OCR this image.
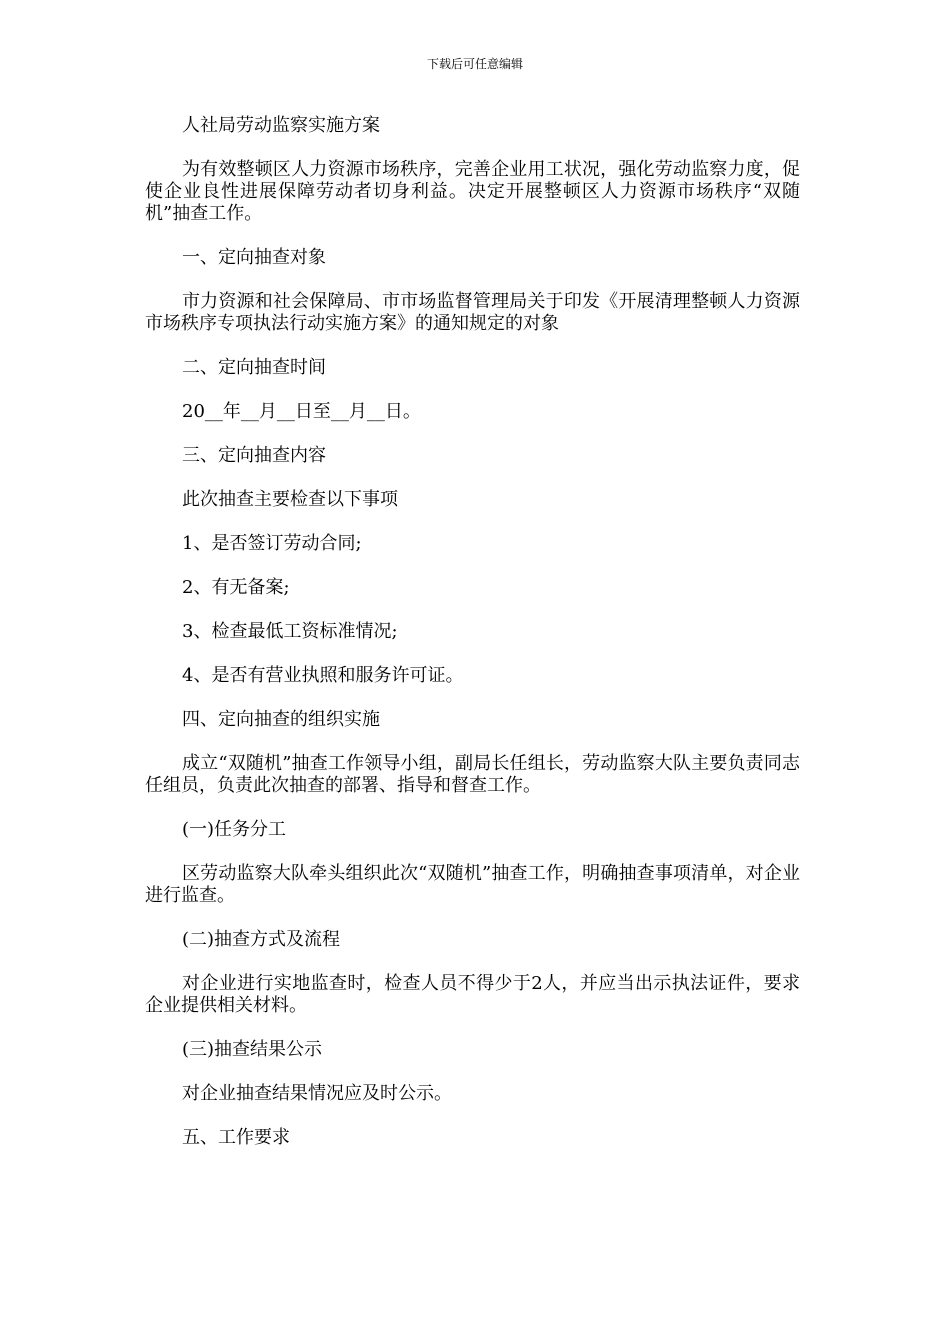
下载后可任意编辑

人社局劳动监察实施方案

为有效整顿区人力资源市场秩序，完善企业用工状况，强化劳动监察力度，促使企业良性进展保障劳动者切身利益。决定开展整顿区人力资源市场秩序“双随机”抽查工作。

一、定向抽查对象

市力资源和社会保障局、市市场监督管理局关于印发《开展清理整顿人力资源市场秩序专项执法行动实施方案》的通知规定的对象

二、定向抽查时间

20__年__月__日至__月__日。

三、定向抽查内容

此次抽查主要检查以下事项

1、是否签订劳动合同;

2、有无备案;

3、检查最低工资标准情况;

4、是否有营业执照和服务许可证。

四、定向抽查的组织实施

成立“双随机”抽查工作领导小组，副局长任组长，劳动监察大队主要负责同志任组员，负责此次抽查的部署、指导和督查工作。

(一)任务分工

区劳动监察大队牵头组织此次“双随机”抽查工作，明确抽查事项清单，对企业进行监查。

(二)抽查方式及流程

对企业进行实地监查时，检查人员不得少于2人，并应当出示执法证件，要求企业提供相关材料。

(三)抽查结果公示

对企业抽查结果情况应及时公示。

五、工作要求
